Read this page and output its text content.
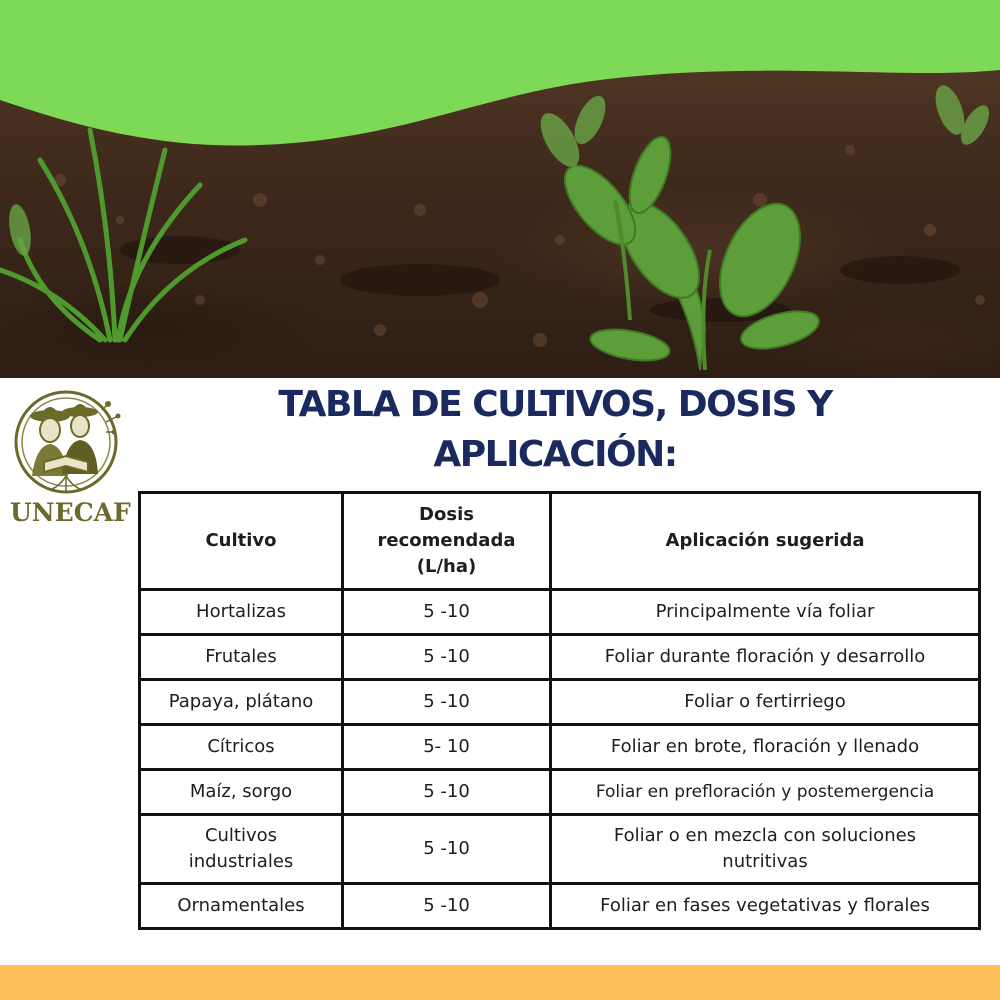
UNECAF
TABLA DE CULTIVOS, DOSIS Y
APLICACIÓN:
Cultivo	Dosis recomendada (L/ha)	Aplicación sugerida
Hortalizas	5 -10	Principalmente vía foliar
Frutales	5 -10	Foliar durante floración y desarrollo
Papaya, plátano	5 -10	Foliar o fertirriego
Cítricos	5- 10	Foliar en brote, floración y llenado
Maíz, sorgo	5 -10	Foliar en prefloración y postemergencia
Cultivos industriales	5 -10	Foliar o en mezcla con soluciones nutritivas
Ornamentales	5 -10	Foliar en fases vegetativas y florales
